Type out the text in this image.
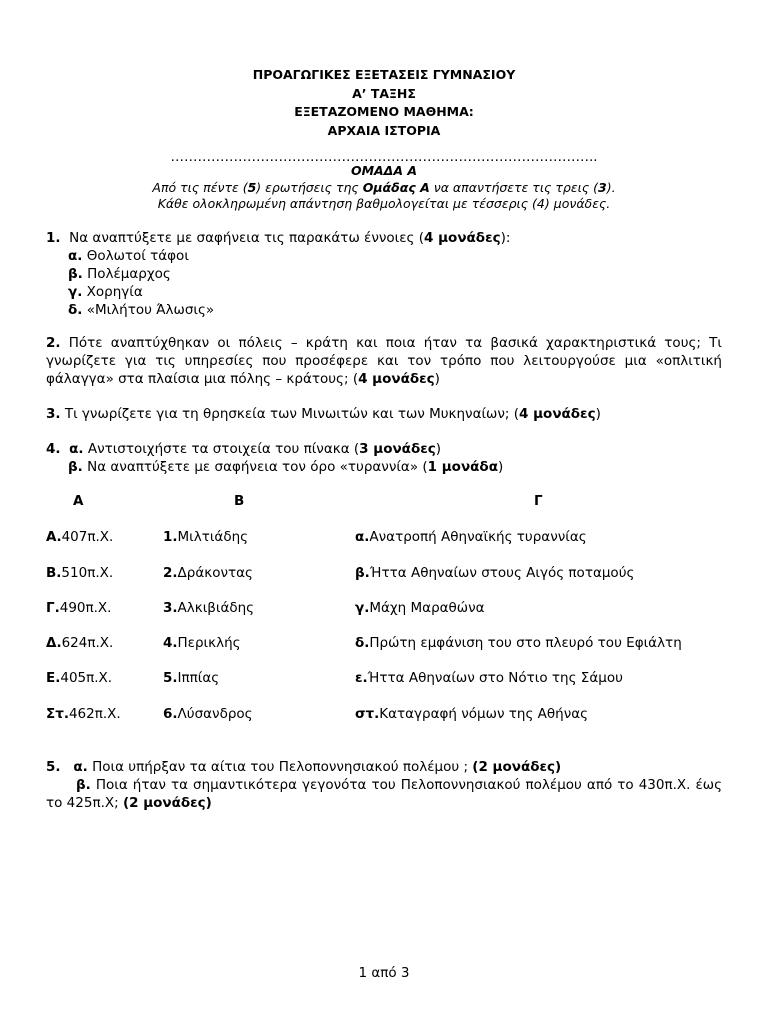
ΠΡΟΑΓΩΓΙΚΕΣ ΕΞΕΤΑΣΕΙΣ ΓΥΜΝΑΣΙΟΥ
Α’ ΤΑΞΗΣ
ΕΞΕΤΑΖΟΜΕΝΟ ΜΑΘΗΜΑ:
ΑΡΧΑΙΑ ΙΣΤΟΡΙΑ
…………………………………………………………………………………..
ΟΜΑΔΑ Α
Από τις πέντε (5) ερωτήσεις της Ομάδας Α να απαντήσετε τις τρεις (3).
Κάθε ολοκληρωμένη απάντηση βαθμολογείται με τέσσερις (4) μονάδες.
1. Να αναπτύξετε με σαφήνεια τις παρακάτω έννοιες (4 μονάδες):
α. Θολωτοί τάφοι
β. Πολέμαρχος
γ. Χορηγία
δ. «Μιλήτου Άλωσις»
2. Πότε αναπτύχθηκαν οι πόλεις – κράτη και ποια ήταν τα βασικά χαρακτηριστικά τους; Τι γνωρίζετε για τις υπηρεσίες που προσέφερε και τον τρόπο που λειτουργούσε μια «οπλιτική φάλαγγα» στα πλαίσια μια πόλης – κράτους; (4 μονάδες)
3. Τι γνωρίζετε για τη θρησκεία των Μινωιτών και των Μυκηναίων; (4 μονάδες)
4. α. Αντιστοιχήστε τα στοιχεία του πίνακα (3 μονάδες)
β. Να αναπτύξετε με σαφήνεια τον όρο «τυραννία» (1 μονάδα)
Α	Β	Γ
Α. 407π.Χ.	1. Μιλτιάδης	α. Ανατροπή Αθηναϊκής τυραννίας
Β. 510π.Χ.	2. Δράκοντας	β. Ήττα Αθηναίων στους Αιγός ποταμούς
Γ. 490π.Χ.	3. Αλκιβιάδης	γ. Μάχη Μαραθώνα
Δ. 624π.Χ.	4. Περικλής	δ. Πρώτη εμφάνιση του στο πλευρό του Εφιάλτη
Ε. 405π.Χ.	5. Ιππίας	ε. Ήττα Αθηναίων στο Νότιο της Σάμου
Στ. 462π.Χ.	6. Λύσανδρος	στ. Καταγραφή νόμων της Αθήνας
5. α. Ποια υπήρξαν τα αίτια του Πελοποννησιακού πολέμου ; (2 μονάδες)
β. Ποια ήταν τα σημαντικότερα γεγονότα του Πελοποννησιακού πολέμου από το 430π.Χ. έως το 425π.Χ; (2 μονάδες)
1 από 3
